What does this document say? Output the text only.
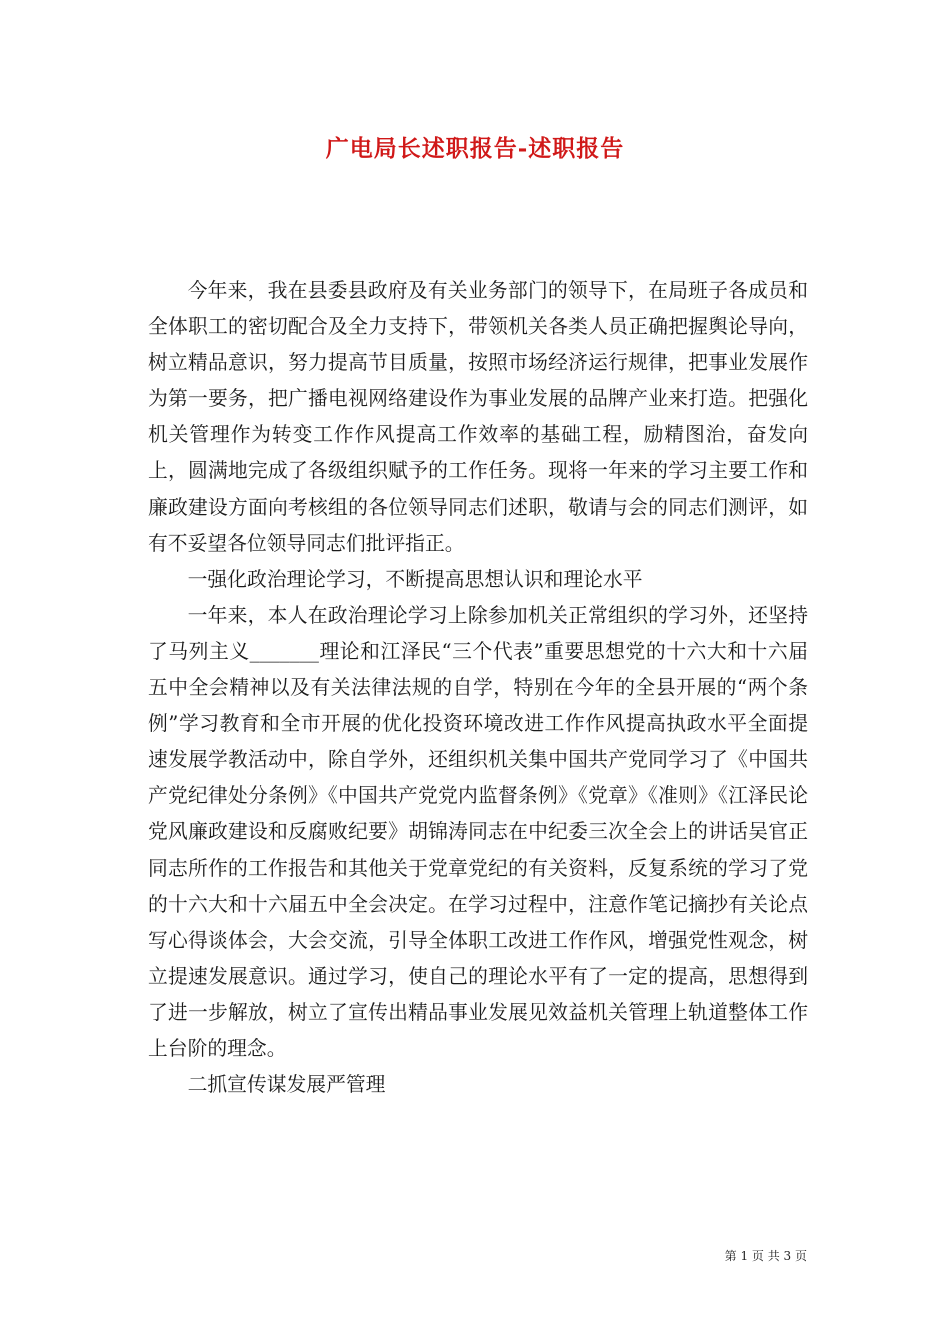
广电局长述职报告-述职报告

今年来，我在县委县政府及有关业务部门的领导下，在局班子各成员和全体职工的密切配合及全力支持下，带领机关各类人员正确把握舆论导向，树立精品意识，努力提高节目质量，按照市场经济运行规律，把事业发展作为第一要务，把广播电视网络建设作为事业发展的品牌产业来打造。把强化机关管理作为转变工作作风提高工作效率的基础工程，励精图治，奋发向上，圆满地完成了各级组织赋予的工作任务。现将一年来的学习主要工作和廉政建设方面向考核组的各位领导同志们述职，敬请与会的同志们测评，如有不妥望各位领导同志们批评指正。

一强化政治理论学习，不断提高思想认识和理论水平

一年来，本人在政治理论学习上除参加机关正常组织的学习外，还坚持了马列主义_______理论和江泽民“三个代表”重要思想党的十六大和十六届五中全会精神以及有关法律法规的自学，特别在今年的全县开展的“两个条例”学习教育和全市开展的优化投资环境改进工作作风提高执政水平全面提速发展学教活动中，除自学外，还组织机关集中国共产党同学习了《中国共产党纪律处分条例》《中国共产党党内监督条例》《党章》《准则》《江泽民论党风廉政建设和反腐败纪要》胡锦涛同志在中纪委三次全会上的讲话吴官正同志所作的工作报告和其他关于党章党纪的有关资料，反复系统的学习了党的十六大和十六届五中全会决定。在学习过程中，注意作笔记摘抄有关论点写心得谈体会，大会交流，引导全体职工改进工作作风，增强党性观念，树立提速发展意识。通过学习，使自己的理论水平有了一定的提高，思想得到了进一步解放，树立了宣传出精品事业发展见效益机关管理上轨道整体工作上台阶的理念。

二抓宣传谋发展严管理

第 1 页 共 3 页
